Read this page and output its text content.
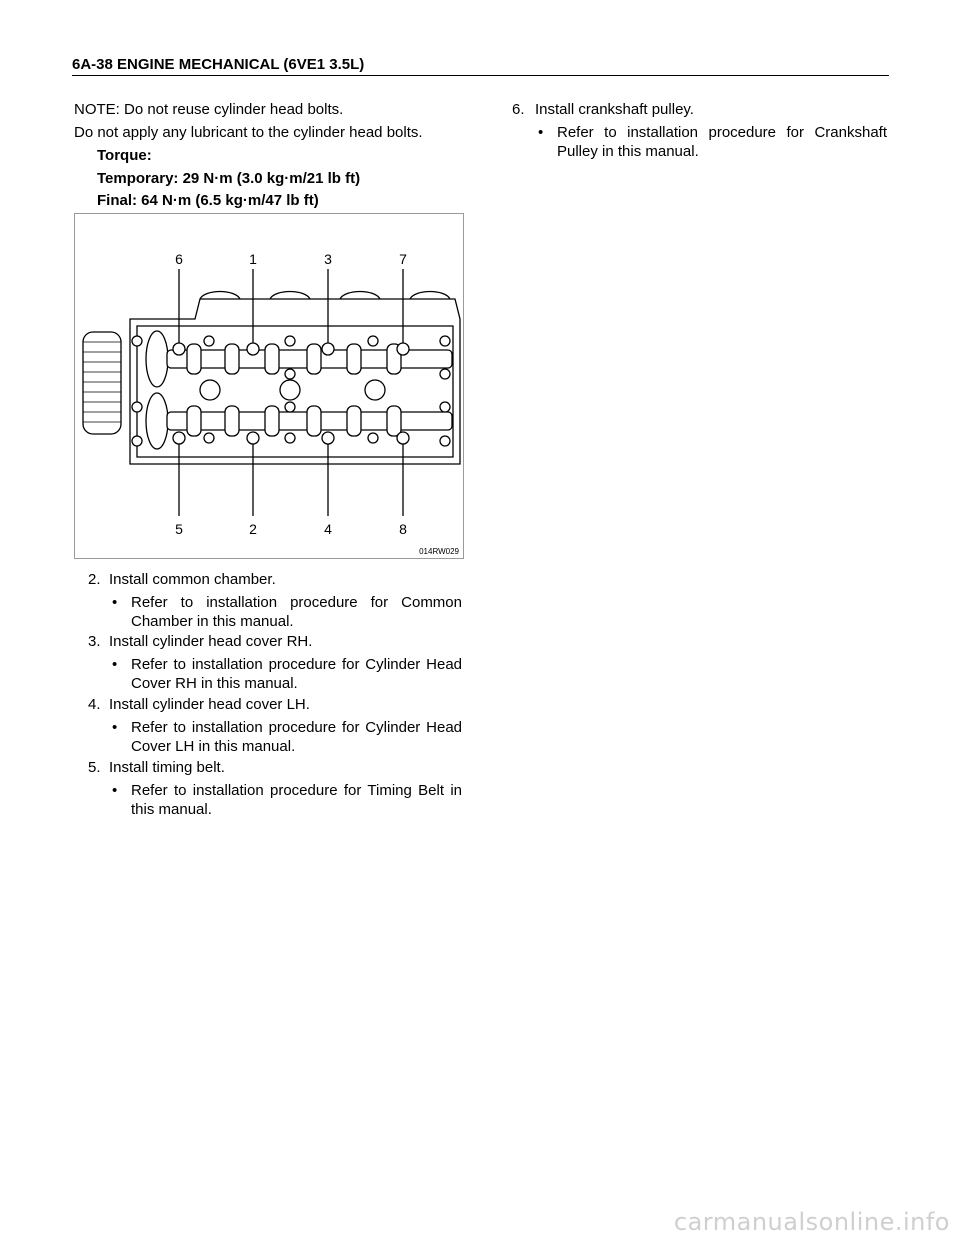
6A-38 ENGINE MECHANICAL (6VE1 3.5L)
NOTE: Do not reuse cylinder head bolts.
Do not apply any lubricant to the cylinder head bolts.
Torque:
Temporary: 29 N·m (3.0 kg·m/21 lb ft)
Final: 64 N·m (6.5 kg·m/47 lb ft)
6	1	3	7
5	2	4	8
014RW029
2. Install common chamber.
• Refer to installation procedure for Common Chamber in this manual.
3. Install cylinder head cover RH.
• Refer to installation procedure for Cylinder Head Cover RH in this manual.
4. Install cylinder head cover LH.
• Refer to installation procedure for Cylinder Head Cover LH in this manual.
5. Install timing belt.
• Refer to installation procedure for Timing Belt in this manual.
6. Install crankshaft pulley.
• Refer to installation procedure for Crankshaft Pulley in this manual.
carmanualsonline.info
